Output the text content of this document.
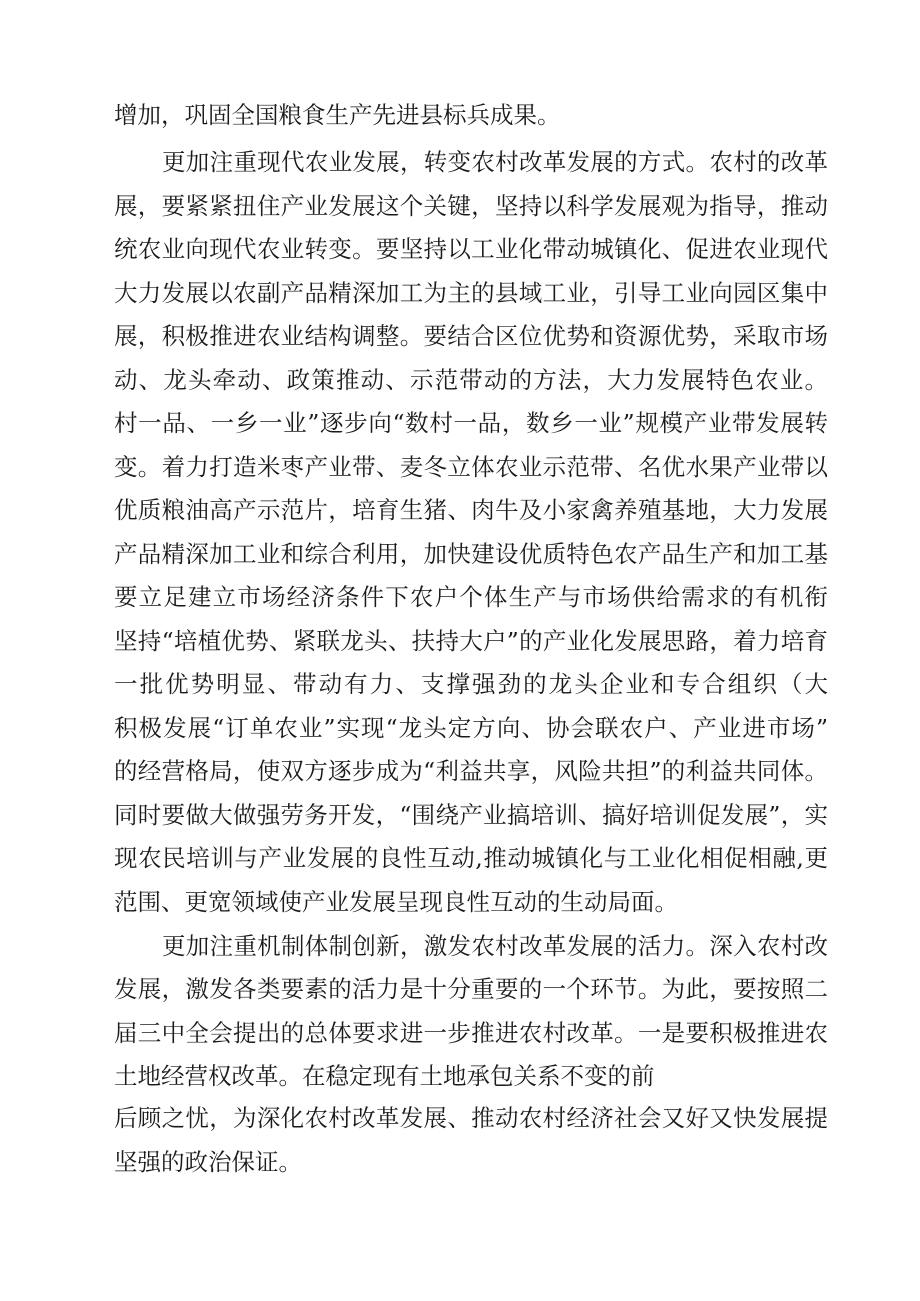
增加，巩固全国粮食生产先进县标兵成果。
更加注重现代农业发展，转变农村改革发展的方式。农村的改革
展，要紧紧扭住产业发展这个关键，坚持以科学发展观为指导，推动
统农业向现代农业转变。要坚持以工业化带动城镇化、促进农业现代
大力发展以农副产品精深加工为主的县域工业，引导工业向园区集中
展，积极推进农业结构调整。要结合区位优势和资源优势，采取市场
动、龙头牵动、政策推动、示范带动的方法，大力发展特色农业。
村一品、一乡一业”逐步向“数村一品，数乡一业”规模产业带发展转
变。着力打造米枣产业带、麦冬立体农业示范带、名优水果产业带以
优质粮油高产示范片，培育生猪、肉牛及小家禽养殖基地，大力发展
产品精深加工业和综合利用，加快建设优质特色农产品生产和加工基
要立足建立市场经济条件下农户个体生产与市场供给需求的有机衔
坚持“培植优势、紧联龙头、扶持大户”的产业化发展思路，着力培育
一批优势明显、带动有力、支撑强劲的龙头企业和专合组织（大
积极发展“订单农业”实现“龙头定方向、协会联农户、产业进市场”
的经营格局，使双方逐步成为“利益共享，风险共担”的利益共同体。
同时要做大做强劳务开发，“围绕产业搞培训、搞好培训促发展”，实
现农民培训与产业发展的良性互动,推动城镇化与工业化相促相融,更
范围、更宽领域使产业发展呈现良性互动的生动局面。
更加注重机制体制创新，激发农村改革发展的活力。深入农村改
发展，激发各类要素的活力是十分重要的一个环节。为此，要按照二
届三中全会提出的总体要求进一步推进农村改革。一是要积极推进农
土地经营权改革。在稳定现有土地承包关系不变的前
后顾之忧，为深化农村改革发展、推动农村经济社会又好又快发展提
坚强的政治保证。
